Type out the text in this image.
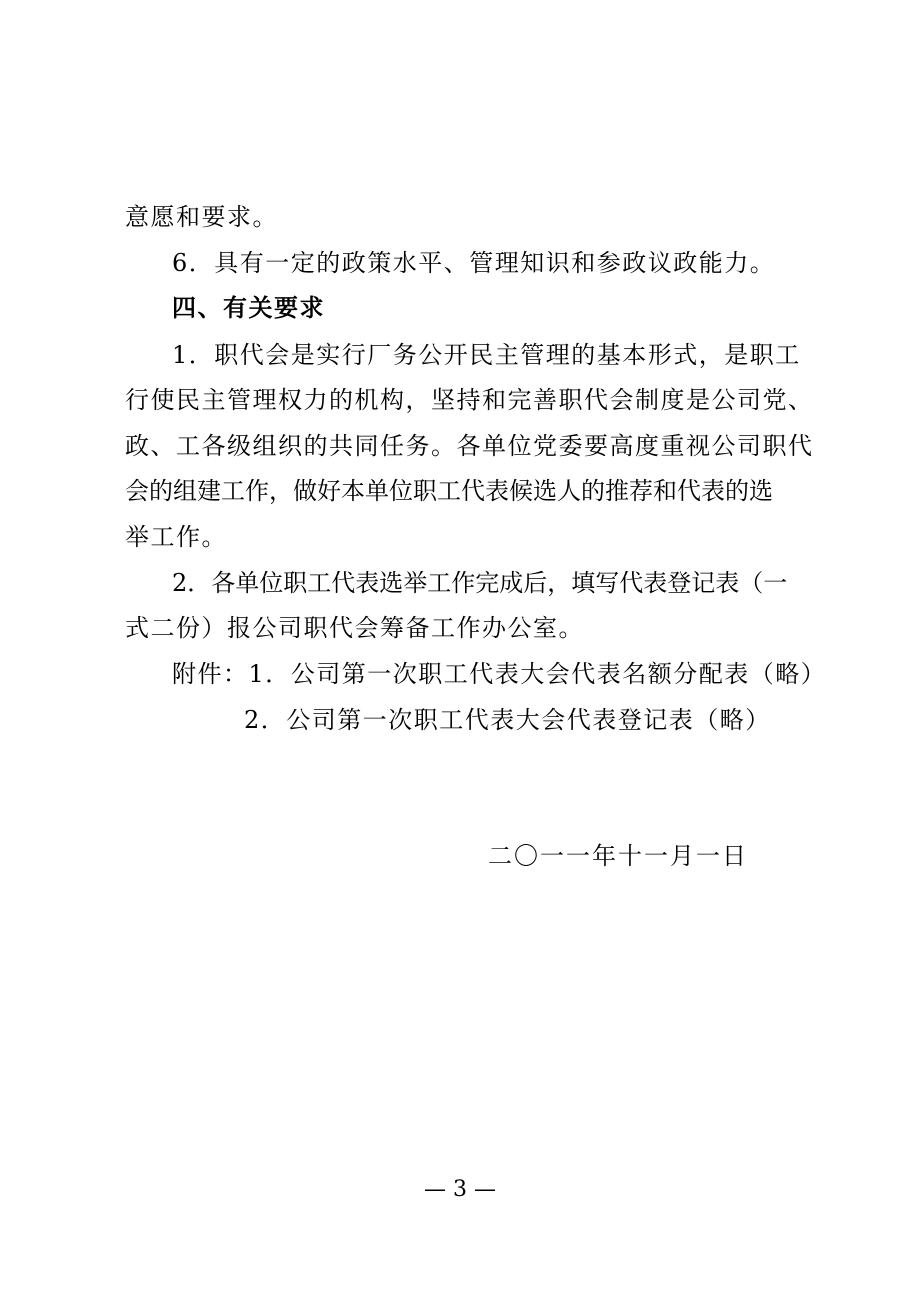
意愿和要求。
6．具有一定的政策水平、管理知识和参政议政能力。
四、有关要求
1．职代会是实行厂务公开民主管理的基本形式，是职工
行使民主管理权力的机构，坚持和完善职代会制度是公司党、
政、工各级组织的共同任务。各单位党委要高度重视公司职代
会的组建工作，做好本单位职工代表候选人的推荐和代表的选
举工作。
2．各单位职工代表选举工作完成后，填写代表登记表（一
式二份）报公司职代会筹备工作办公室。
附件：1．公司第一次职工代表大会代表名额分配表（略）
2．公司第一次职工代表大会代表登记表（略）
二〇一一年十一月一日
— 3 —
